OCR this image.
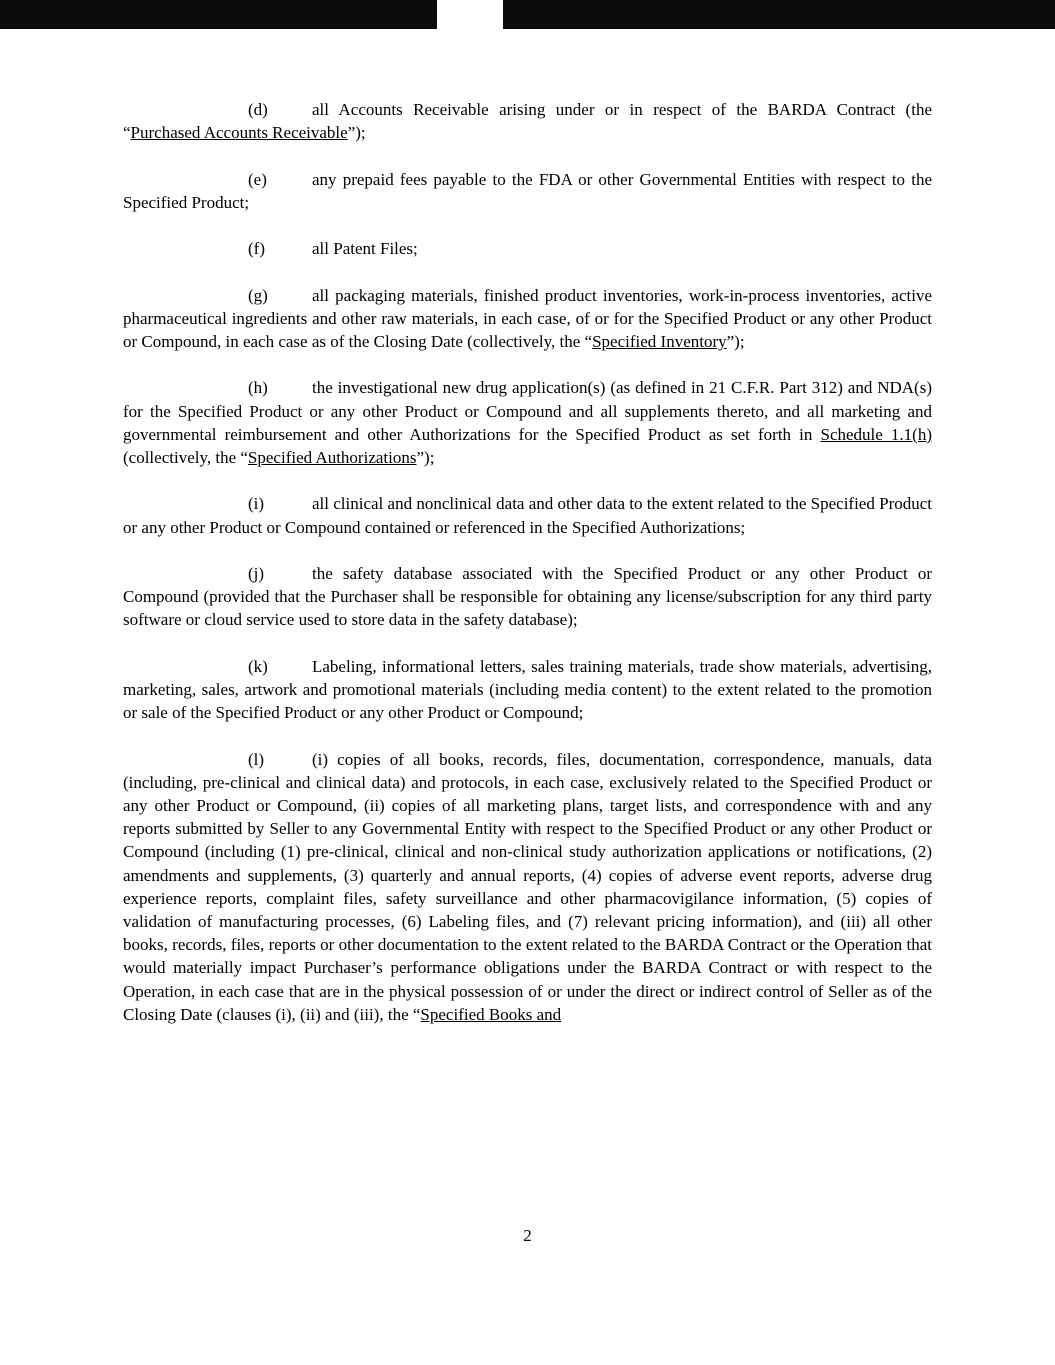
(d)	all Accounts Receivable arising under or in respect of the BARDA Contract (the “Purchased Accounts Receivable”);

(e)	any prepaid fees payable to the FDA or other Governmental Entities with respect to the Specified Product;

(f)	all Patent Files;

(g)	all packaging materials, finished product inventories, work-in-process inventories, active pharmaceutical ingredients and other raw materials, in each case, of or for the Specified Product or any other Product or Compound, in each case as of the Closing Date (collectively, the “Specified Inventory”);

(h)	the investigational new drug application(s) (as defined in 21 C.F.R. Part 312) and NDA(s) for the Specified Product or any other Product or Compound and all supplements thereto, and all marketing and governmental reimbursement and other Authorizations for the Specified Product as set forth in Schedule 1.1(h) (collectively, the “Specified Authorizations”);

(i)	all clinical and nonclinical data and other data to the extent related to the Specified Product or any other Product or Compound contained or referenced in the Specified Authorizations;

(j)	the safety database associated with the Specified Product or any other Product or Compound (provided that the Purchaser shall be responsible for obtaining any license/subscription for any third party software or cloud service used to store data in the safety database);

(k)	Labeling, informational letters, sales training materials, trade show materials, advertising, marketing, sales, artwork and promotional materials (including media content) to the extent related to the promotion or sale of the Specified Product or any other Product or Compound;

(l)	(i) copies of all books, records, files, documentation, correspondence, manuals, data (including, pre-clinical and clinical data) and protocols, in each case, exclusively related to the Specified Product or any other Product or Compound, (ii) copies of all marketing plans, target lists, and correspondence with and any reports submitted by Seller to any Governmental Entity with respect to the Specified Product or any other Product or Compound (including (1) pre-clinical, clinical and non-clinical study authorization applications or notifications, (2) amendments and supplements, (3) quarterly and annual reports, (4) copies of adverse event reports, adverse drug experience reports, complaint files, safety surveillance and other pharmacovigilance information, (5) copies of validation of manufacturing processes, (6) Labeling files, and (7) relevant pricing information), and (iii) all other books, records, files, reports or other documentation to the extent related to the BARDA Contract or the Operation that would materially impact Purchaser’s performance obligations under the BARDA Contract or with respect to the Operation, in each case that are in the physical possession of or under the direct or indirect control of Seller as of the Closing Date (clauses (i), (ii) and (iii), the “Specified Books and

2
